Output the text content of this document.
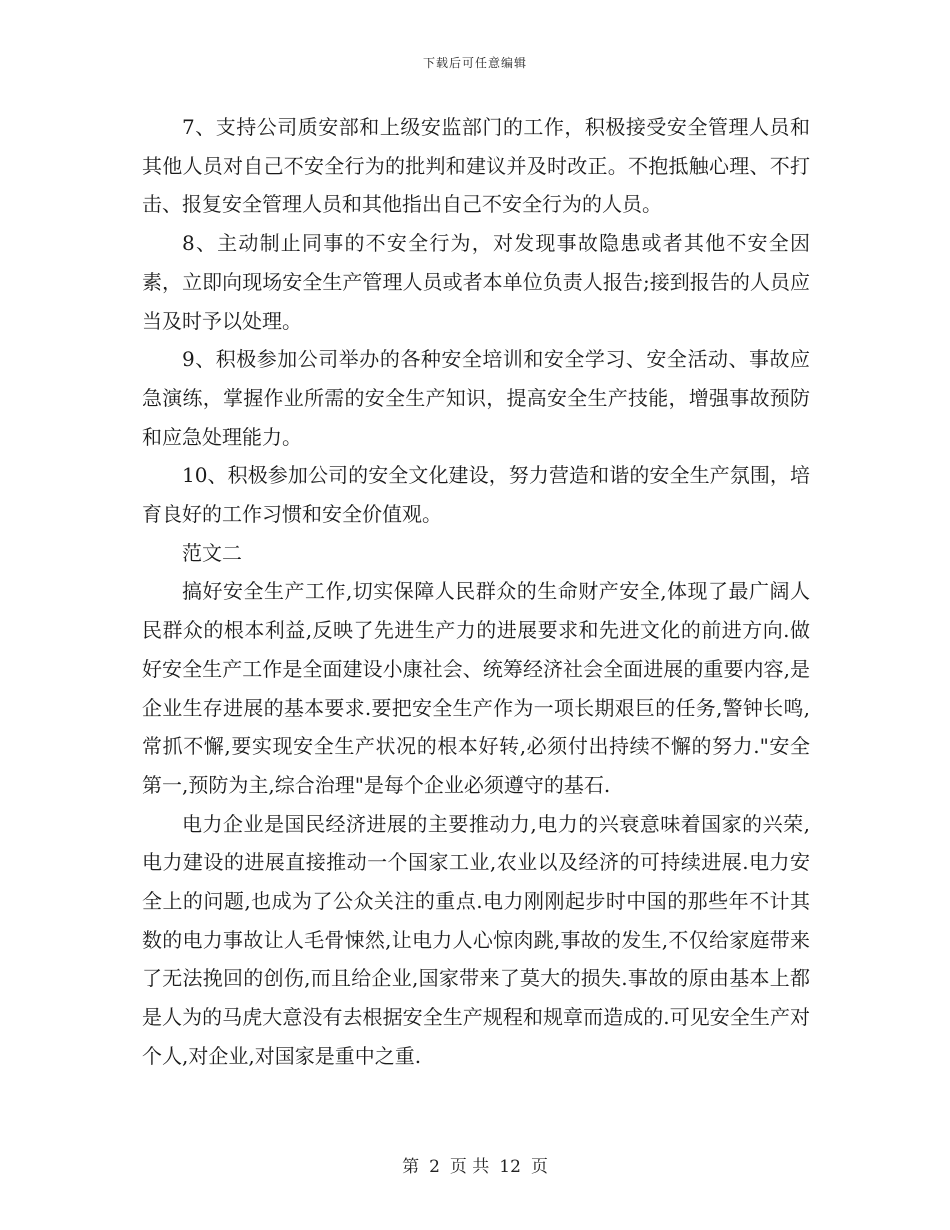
下载后可任意编辑

7、支持公司质安部和上级安监部门的工作，积极接受安全管理人员和其他人员对自己不安全行为的批判和建议并及时改正。不抱抵触心理、不打击、报复安全管理人员和其他指出自己不安全行为的人员。

8、主动制止同事的不安全行为，对发现事故隐患或者其他不安全因素，立即向现场安全生产管理人员或者本单位负责人报告;接到报告的人员应当及时予以处理。

9、积极参加公司举办的各种安全培训和安全学习、安全活动、事故应急演练，掌握作业所需的安全生产知识，提高安全生产技能，增强事故预防和应急处理能力。

10、积极参加公司的安全文化建设，努力营造和谐的安全生产氛围，培育良好的工作习惯和安全价值观。

范文二

搞好安全生产工作,切实保障人民群众的生命财产安全,体现了最广阔人民群众的根本利益,反映了先进生产力的进展要求和先进文化的前进方向.做好安全生产工作是全面建设小康社会、统筹经济社会全面进展的重要内容,是企业生存进展的基本要求.要把安全生产作为一项长期艰巨的任务,警钟长鸣,常抓不懈,要实现安全生产状况的根本好转,必须付出持续不懈的努力."安全第一,预防为主,综合治理"是每个企业必须遵守的基石.

电力企业是国民经济进展的主要推动力,电力的兴衰意味着国家的兴荣,电力建设的进展直接推动一个国家工业,农业以及经济的可持续进展.电力安全上的问题,也成为了公众关注的重点.电力刚刚起步时中国的那些年不计其数的电力事故让人毛骨悚然,让电力人心惊肉跳,事故的发生,不仅给家庭带来了无法挽回的创伤,而且给企业,国家带来了莫大的损失.事故的原由基本上都是人为的马虎大意没有去根据安全生产规程和规章而造成的.可见安全生产对个人,对企业,对国家是重中之重.

第 2 页 共 12 页
